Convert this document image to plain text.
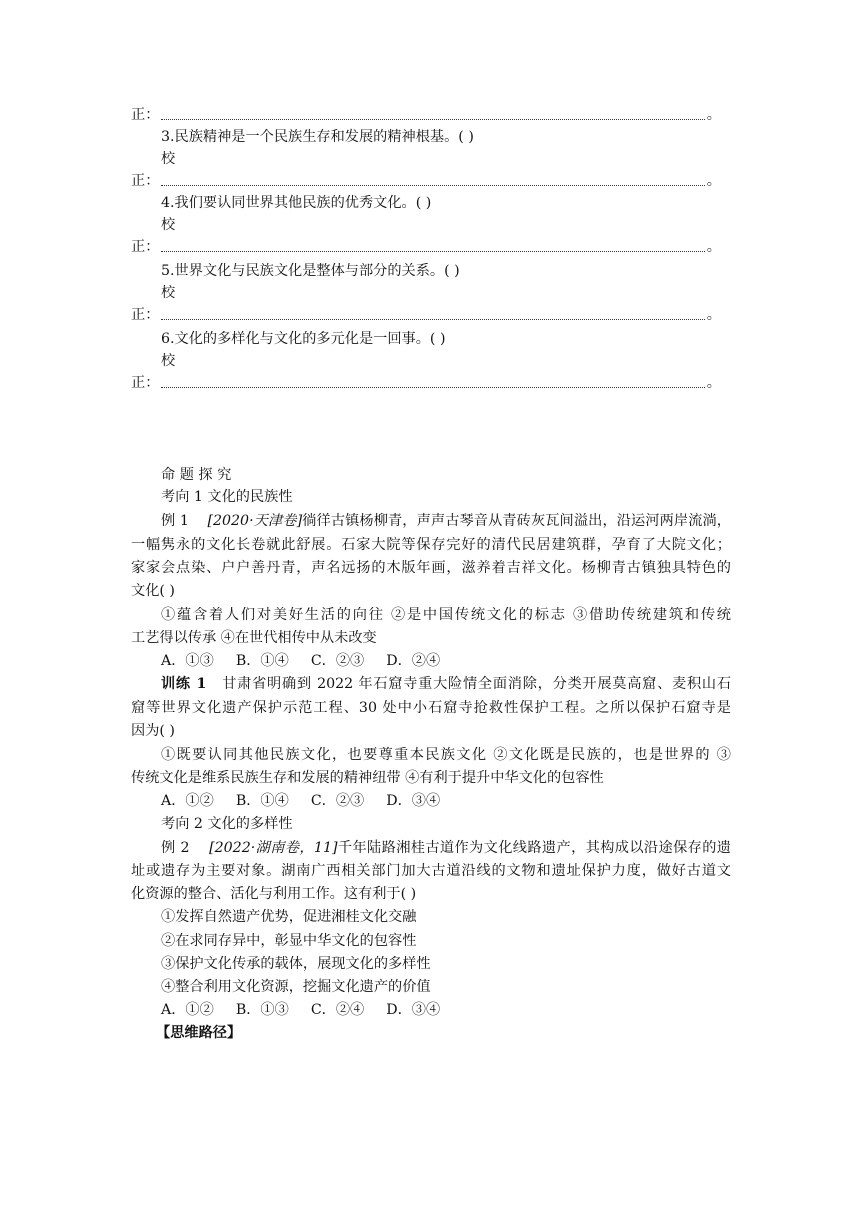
正：	。
3.民族精神是一个民族生存和发展的精神根基。( )
校
正：	。
4.我们要认同世界其他民族的优秀文化。( )
校
正：	。
5.世界文化与民族文化是整体与部分的关系。( )
校
正：	。
6.文化的多样化与文化的多元化是一回事。( )
校
正：	。
命 题 探 究
考向 1 文化的民族性
例 1 [2020·天津卷]徜徉古镇杨柳青，声声古琴音从青砖灰瓦间溢出，沿运河两岸流淌，
一幅隽永的文化长卷就此舒展。石家大院等保存完好的清代民居建筑群，孕育了大院文化；
家家会点染、户户善丹青，声名远扬的木版年画，滋养着吉祥文化。杨柳青古镇独具特色的
文化( )
①蕴含着人们对美好生活的向往 ②是中国传统文化的标志 ③借助传统建筑和传统
工艺得以传承 ④在世代相传中从未改变
A．①③ B．①④ C．②③ D．②④
训练 1 甘肃省明确到 2022 年石窟寺重大险情全面消除，分类开展莫高窟、麦积山石
窟等世界文化遗产保护示范工程、30 处中小石窟寺抢救性保护工程。之所以保护石窟寺是
因为( )
①既要认同其他民族文化，也要尊重本民族文化 ②文化既是民族的，也是世界的 ③
传统文化是维系民族生存和发展的精神纽带 ④有利于提升中华文化的包容性
A．①② B．①④ C．②③ D．③④
考向 2 文化的多样性
例 2 [2022·湖南卷，11]千年陆路湘桂古道作为文化线路遗产，其构成以沿途保存的遗
址或遗存为主要对象。湖南广西相关部门加大古道沿线的文物和遗址保护力度，做好古道文
化资源的整合、活化与利用工作。这有利于( )
①发挥自然遗产优势，促进湘桂文化交融
②在求同存异中，彰显中华文化的包容性
③保护文化传承的载体，展现文化的多样性
④整合利用文化资源，挖掘文化遗产的价值
A．①② B．①③ C．②④ D．③④
【思维路径】
